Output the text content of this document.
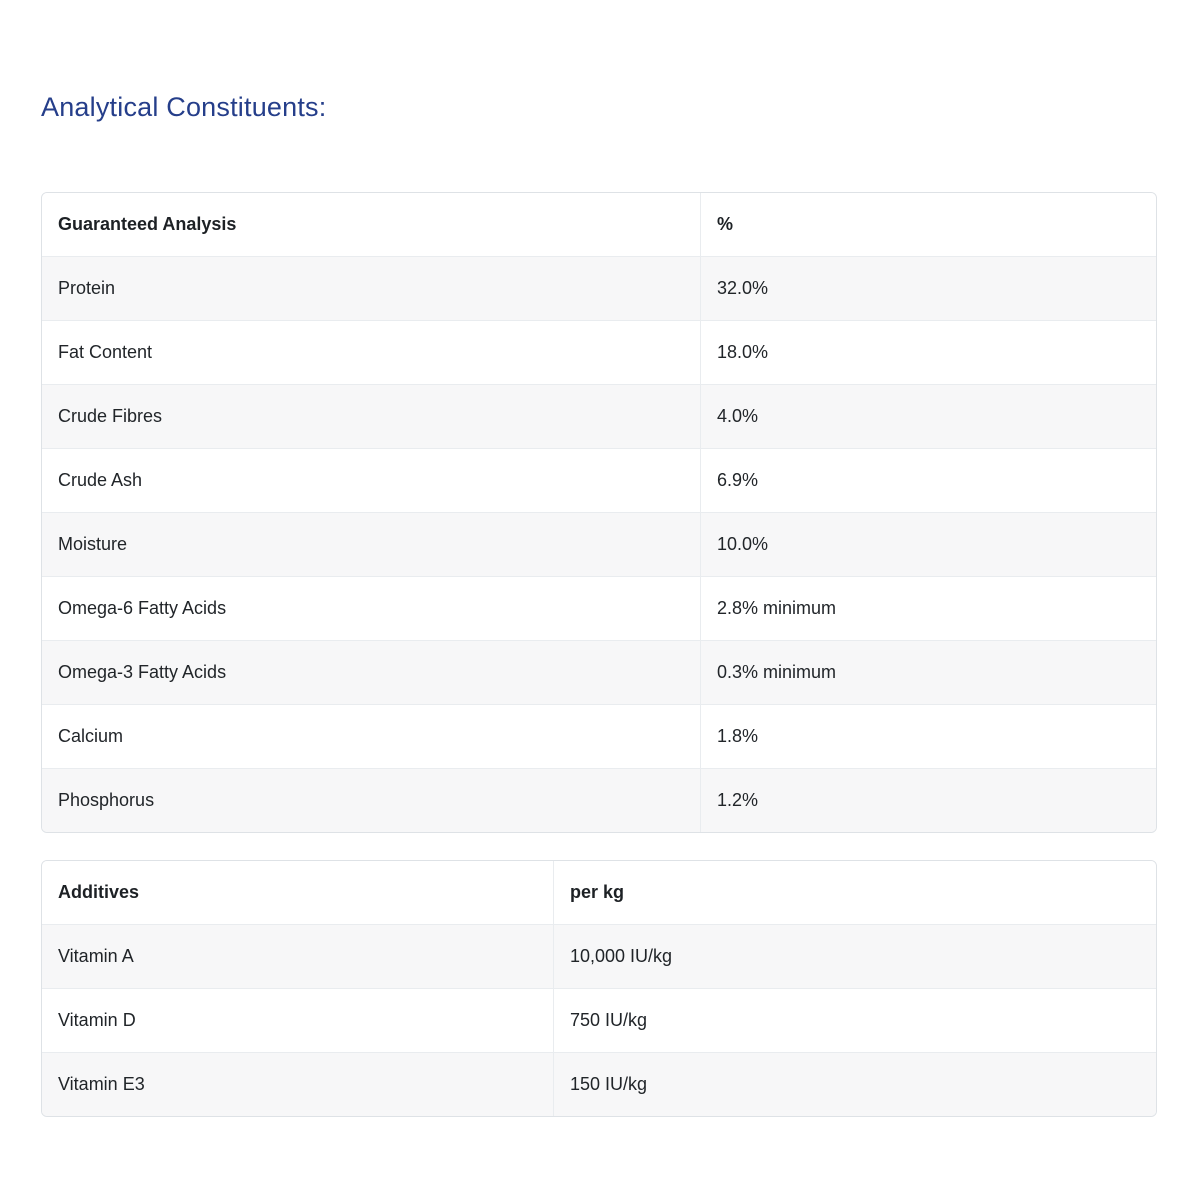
Analytical Constituents:
Guaranteed Analysis	%
Protein	32.0%
Fat Content	18.0%
Crude Fibres	4.0%
Crude Ash	6.9%
Moisture	10.0%
Omega-6 Fatty Acids	2.8% minimum
Omega-3 Fatty Acids	0.3% minimum
Calcium	1.8%
Phosphorus	1.2%
Additives	per kg
Vitamin A	10,000 IU/kg
Vitamin D	750 IU/kg
Vitamin E3	150 IU/kg
